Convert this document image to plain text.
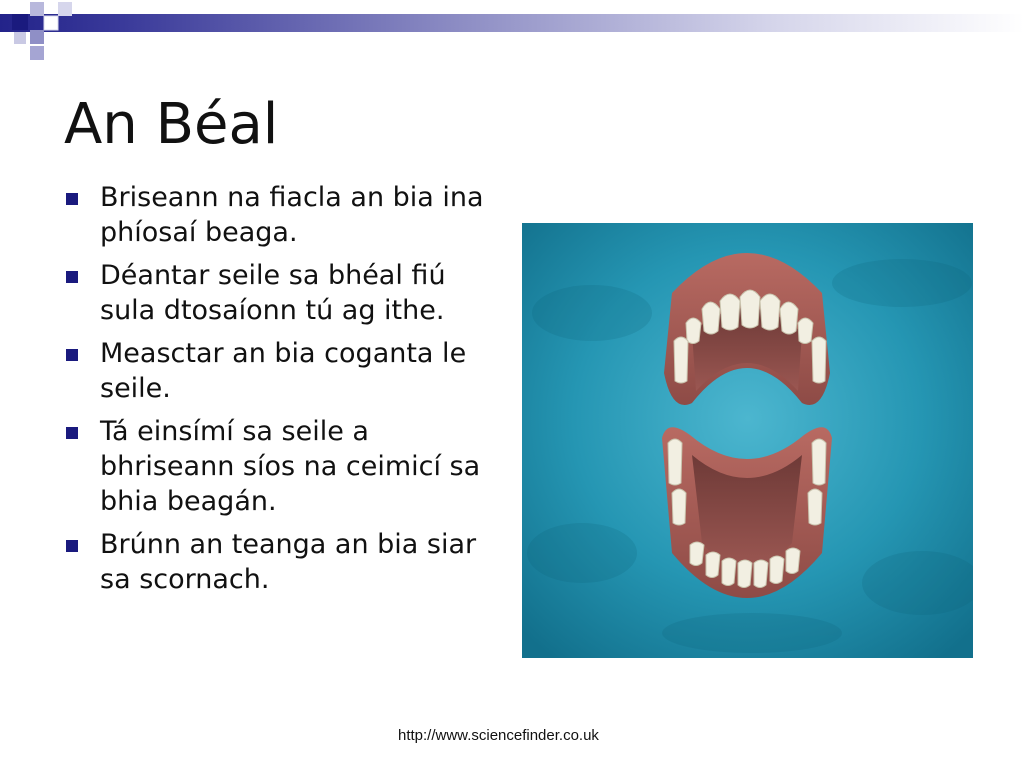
An Béal
Briseann na fiacla an bia ina phíosaí beaga.
Déantar seile sa bhéal fiú sula dtosaíonn tú ag ithe.
Measctar an bia coganta le seile.
Tá einsímí sa seile a bhriseann síos na ceimicí sa bhia beagán.
Brúnn an teanga an bia siar sa scornach.
http://www.sciencefinder.co.uk
